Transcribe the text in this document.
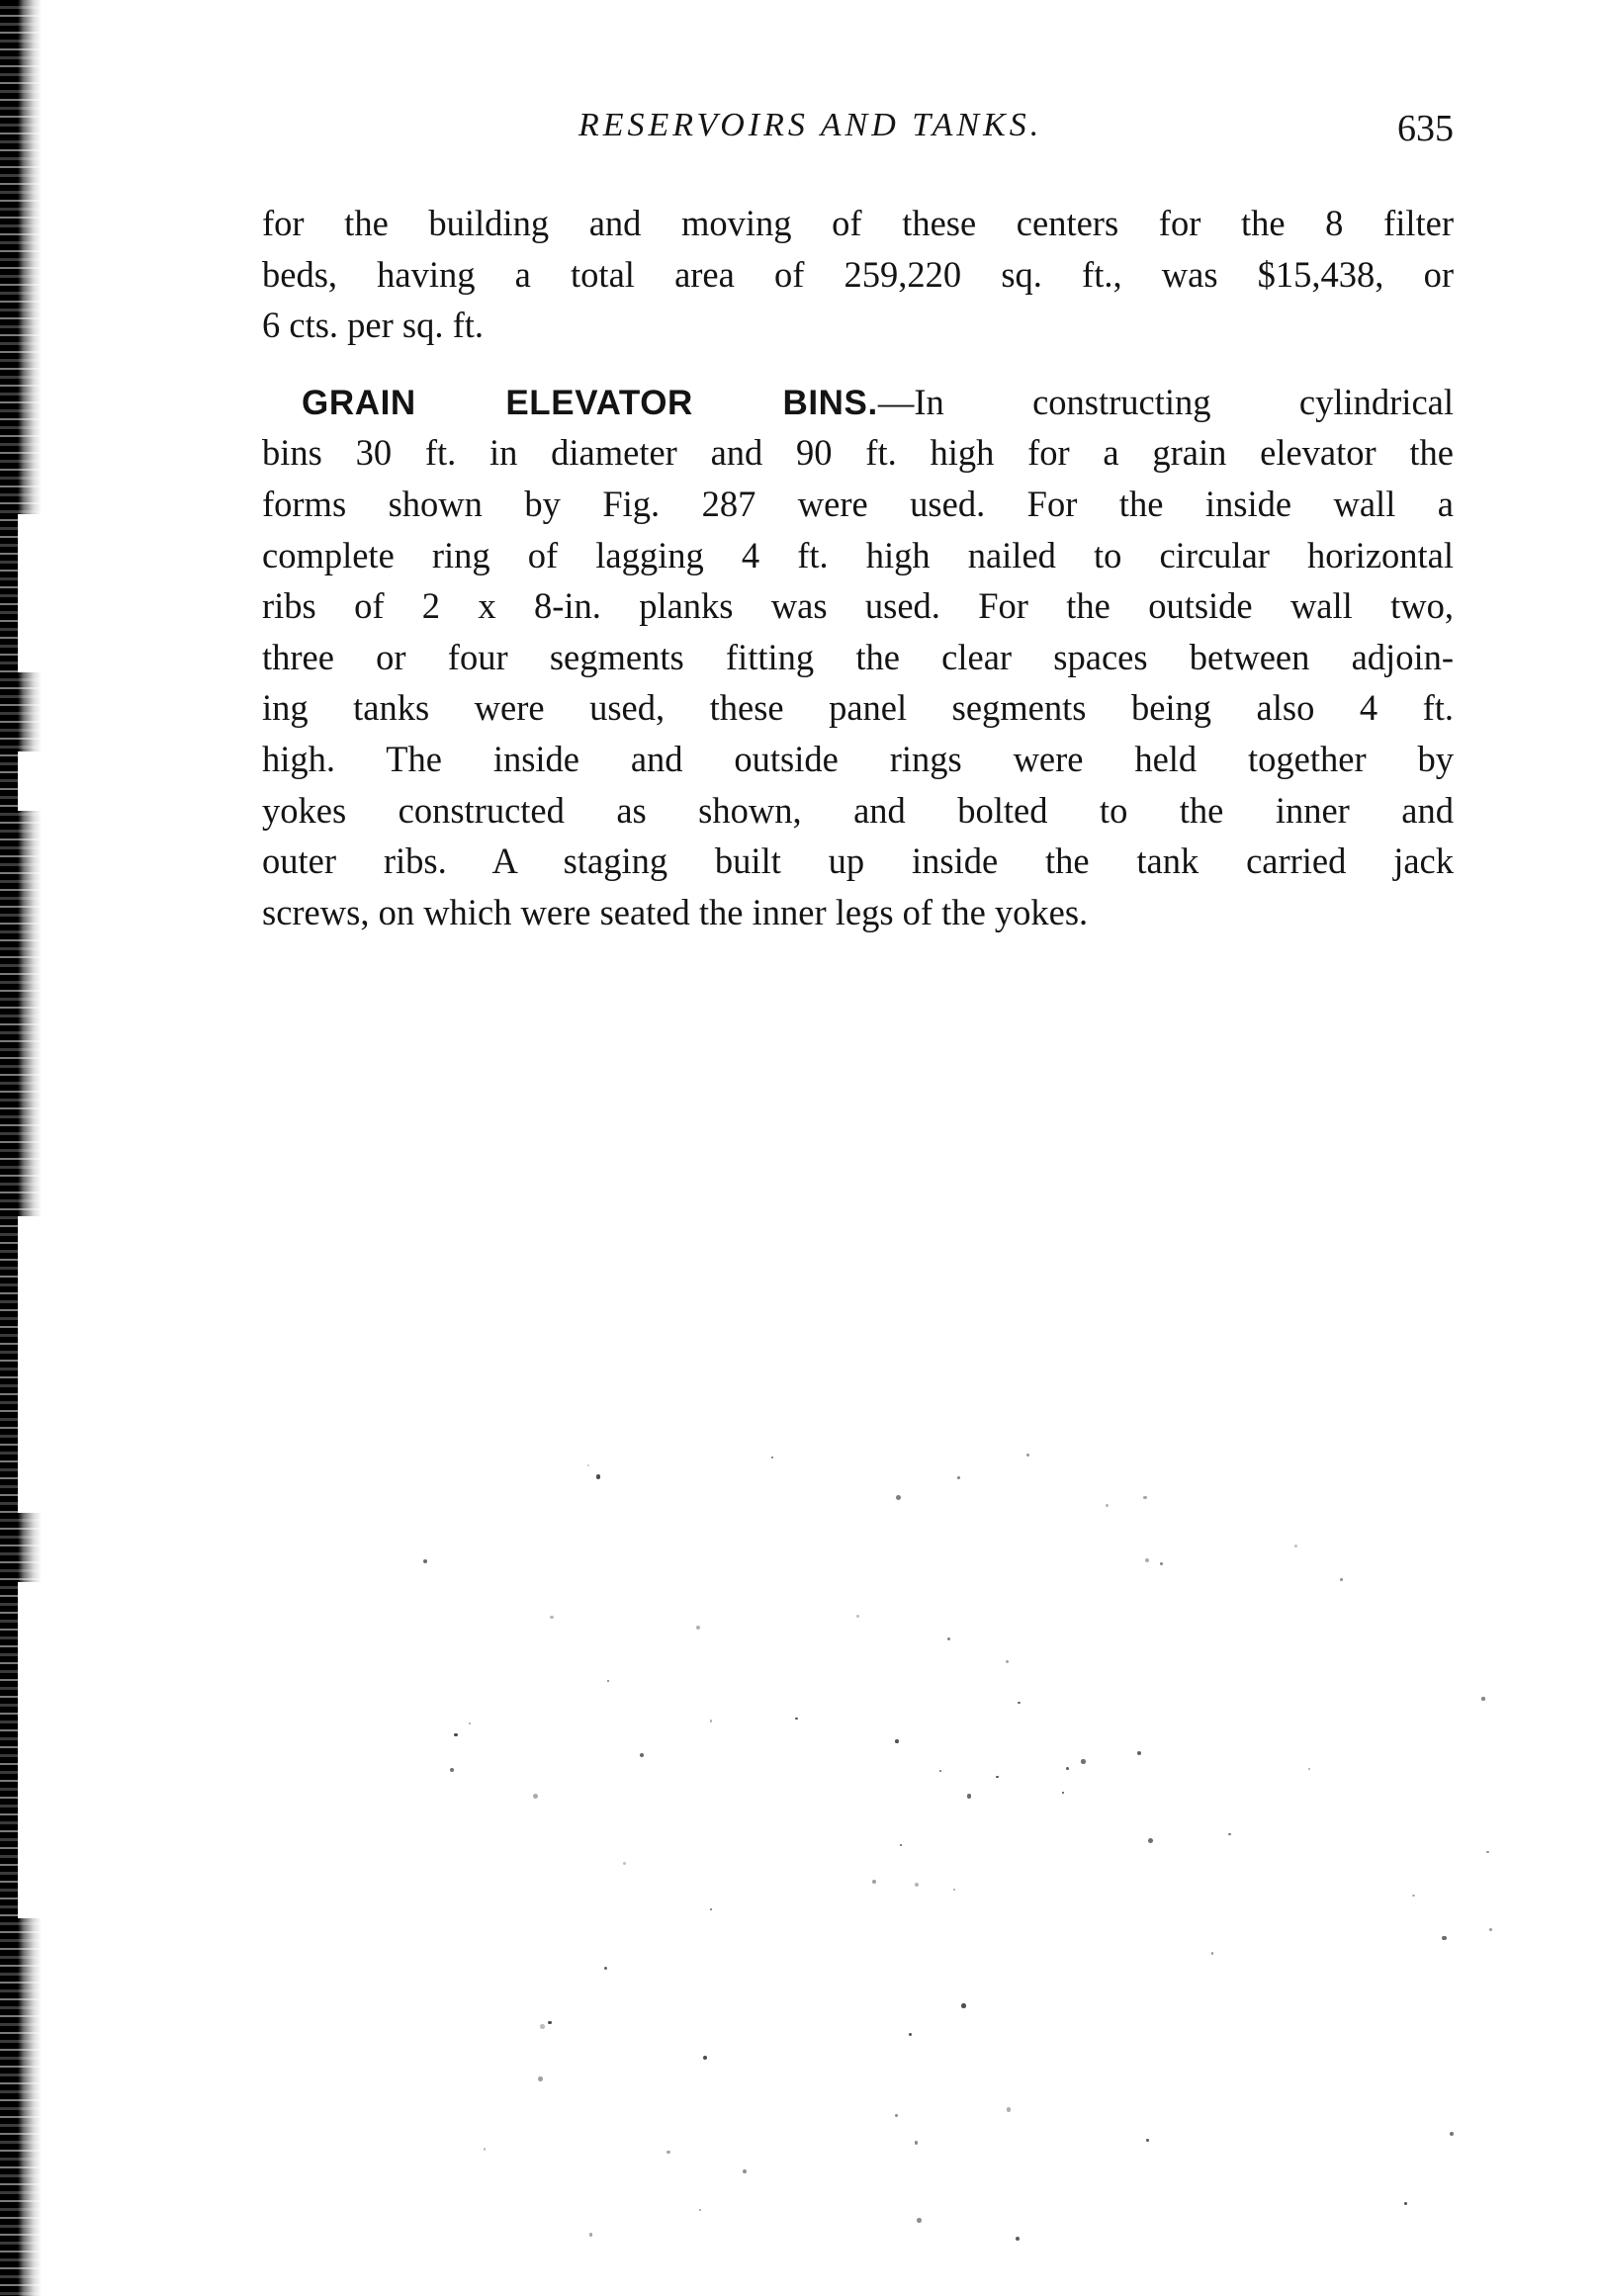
RESERVOIRS AND TANKS.	635
for the building and moving of these centers for the 8 filter
beds, having a total area of 259,220 sq. ft., was $15,438, or
6 cts. per sq. ft.
GRAIN ELEVATOR BINS.—In constructing cylindrical
bins 30 ft. in diameter and 90 ft. high for a grain elevator the
forms shown by Fig. 287 were used. For the inside wall a
complete ring of lagging 4 ft. high nailed to circular horizontal
ribs of 2 x 8-in. planks was used. For the outside wall two,
three or four segments fitting the clear spaces between adjoin-
ing tanks were used, these panel segments being also 4 ft.
high. The inside and outside rings were held together by
yokes constructed as shown, and bolted to the inner and
outer ribs. A staging built up inside the tank carried jack
screws, on which were seated the inner legs of the yokes.
